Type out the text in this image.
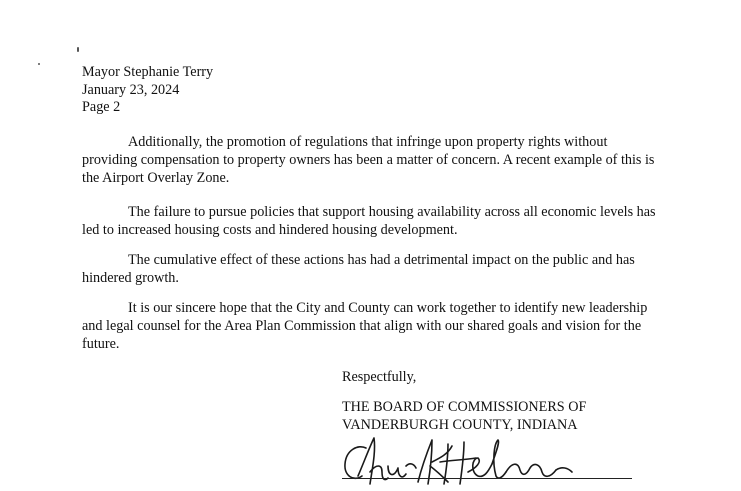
Mayor Stephanie Terry
January 23, 2024
Page 2

Additionally, the promotion of regulations that infringe upon property rights without providing compensation to property owners has been a matter of concern. A recent example of this is the Airport Overlay Zone.

The failure to pursue policies that support housing availability across all economic levels has led to increased housing costs and hindered housing development.

The cumulative effect of these actions has had a detrimental impact on the public and has hindered growth.

It is our sincere hope that the City and County can work together to identify new leadership and legal counsel for the Area Plan Commission that align with our shared goals and vision for the future.

Respectfully,
THE BOARD OF COMMISSIONERS OF
VANDERBURGH COUNTY, INDIANA
